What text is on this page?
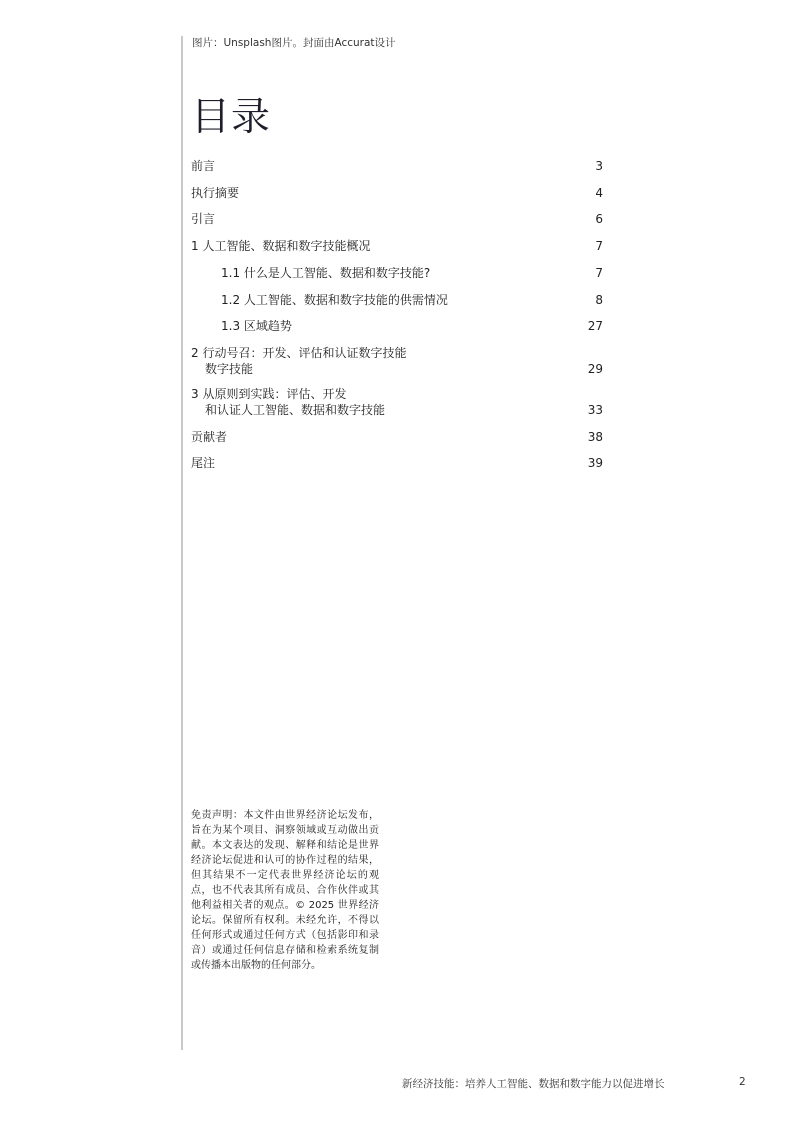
图片：Unsplash图片。封面由Accurat设计
目录
前言	3
执行摘要	4
引言	6
1 人工智能、数据和数字技能概况	7
1.1 什么是人工智能、数据和数字技能?	7
1.2 人工智能、数据和数字技能的供需情况	8
1.3 区域趋势	27
2 行动号召：开发、评估和认证数字技能
数字技能	29
3 从原则到实践：评估、开发
和认证人工智能、数据和数字技能	33
贡献者	38
尾注	39

免责声明：本文件由世界经济论坛发布，旨在为某个项目、洞察领域或互动做出贡献。本文表达的发现、解释和结论是世界经济论坛促进和认可的协作过程的结果，但其结果不一定代表世界经济论坛的观点，也不代表其所有成员、合作伙伴或其他利益相关者的观点。© 2025 世界经济论坛。保留所有权利。未经允许，不得以任何形式或通过任何方式（包括影印和录音）或通过任何信息存储和检索系统复制或传播本出版物的任何部分。

新经济技能：培养人工智能、数据和数字能力以促进增长	2
